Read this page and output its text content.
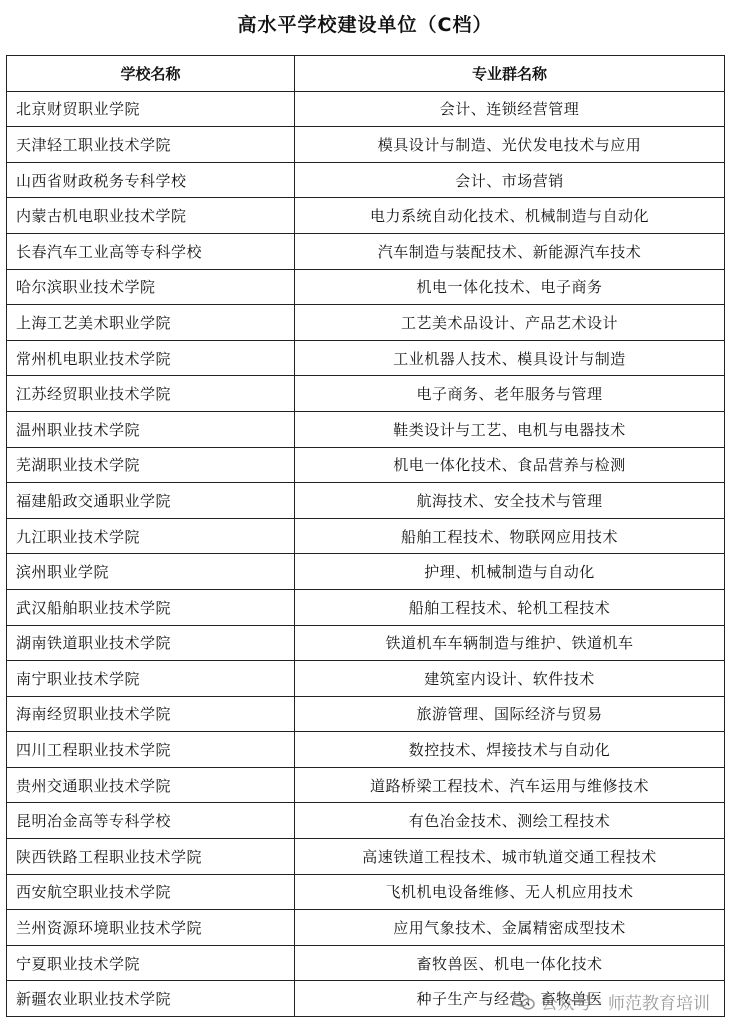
高水平学校建设单位（C档）
学校名称	专业群名称
北京财贸职业学院	会计、连锁经营管理
天津轻工职业技术学院	模具设计与制造、光伏发电技术与应用
山西省财政税务专科学校	会计、市场营销
内蒙古机电职业技术学院	电力系统自动化技术、机械制造与自动化
长春汽车工业高等专科学校	汽车制造与装配技术、新能源汽车技术
哈尔滨职业技术学院	机电一体化技术、电子商务
上海工艺美术职业学院	工艺美术品设计、产品艺术设计
常州机电职业技术学院	工业机器人技术、模具设计与制造
江苏经贸职业技术学院	电子商务、老年服务与管理
温州职业技术学院	鞋类设计与工艺、电机与电器技术
芜湖职业技术学院	机电一体化技术、食品营养与检测
福建船政交通职业学院	航海技术、安全技术与管理
九江职业技术学院	船舶工程技术、物联网应用技术
滨州职业学院	护理、机械制造与自动化
武汉船舶职业技术学院	船舶工程技术、轮机工程技术
湖南铁道职业技术学院	铁道机车车辆制造与维护、铁道机车
南宁职业技术学院	建筑室内设计、软件技术
海南经贸职业技术学院	旅游管理、国际经济与贸易
四川工程职业技术学院	数控技术、焊接技术与自动化
贵州交通职业技术学院	道路桥梁工程技术、汽车运用与维修技术
昆明冶金高等专科学校	有色冶金技术、测绘工程技术
陕西铁路工程职业技术学院	高速铁道工程技术、城市轨道交通工程技术
西安航空职业技术学院	飞机机电设备维修、无人机应用技术
兰州资源环境职业技术学院	应用气象技术、金属精密成型技术
宁夏职业技术学院	畜牧兽医、机电一体化技术
新疆农业职业技术学院	种子生产与经营、畜牧兽医
公众号 · 师范教育培训
